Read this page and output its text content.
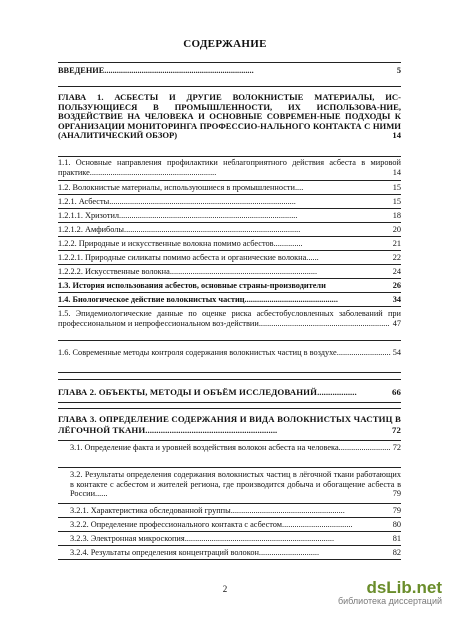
СОДЕРЖАНИЕ
ВВЕДЕНИЕ........................................................................	5
ГЛАВА 1. АСБЕСТЫ И ДРУГИЕ ВОЛОКНИСТЫЕ МАТЕРИАЛЫ, ИС-ПОЛЬЗУЮЩИЕСЯ В ПРОМЫШЛЕННОСТИ, ИХ ИСПОЛЬЗОВА-НИЕ, ВОЗДЕЙСТВИЕ НА ЧЕЛОВЕКА И ОСНОВНЫЕ СОВРЕМЕН-НЫЕ ПОДХОДЫ К ОРГАНИЗАЦИИ МОНИТОРИНГА ПРОФЕССИО-НАЛЬНОГО КОНТАКТА С НИМИ (АНАЛИТИЧЕСКИЙ ОБЗОР)	14
1.1. Основные направления профилактики неблагоприятного действия асбеста в мировой практике.............................................................	14
1.2. Волокнистые материалы, используюшиеся в промышленности....	15
1.2.1. Асбесты..........................................................................................	15
1.2.1.1. Хризотил......................................................................................	18
1.2.1.2. Амфиболы.....................................................................................	20
1.2.2. Природные и искусственные волокна помимо асбестов..............	21
1.2.2.1. Природные силикаты помимо асбеста и органические волокна......	22
1.2.2.2. Искусственные волокна.......................................................................	24
1.3. История использования асбестов, основные страны-производители	26
1.4. Биологическое действие волокнистых частиц.............................................	34
1.5. Эпидемиологические данные по оценке риска асбестобусловленных заболеваний при профессиональном и непрофессиональном воз-действии............................................................... 47
1.6. Современные методы контроля содержания волокнистых частиц в воздухе.......................... 54
ГЛАВА 2. ОБЪЕКТЫ, МЕТОДЫ И ОБЪЁМ ИССЛЕДОВАНИЙ..................	66
ГЛАВА 3. ОПРЕДЕЛЕНИЕ СОДЕРЖАНИЯ И ВИДА ВОЛОКНИСТЫХ ЧАСТИЦ В ЛЁГОЧНОЙ ТКАНИ............................................................	72
3.1. Определение факта и уровней воздействия волокон асбеста на человека......................... 72
3.2. Результаты определения содержания волокнистых частиц в лёгочной ткани работающих в контакте с асбестом и жителей региона, где производится добыча и обогащение асбеста в России......	79
3.2.1. Характеристика обследованной группы.......................................................	79
3.2.2. Определение профессионального контакта с асбестом..................................	80
3.2.3. Электронная микроскопия........................................................................	81
3.2.4. Результаты определения концентраций волокон.............................	82
2	dsLib.net
библиотека диссертаций
